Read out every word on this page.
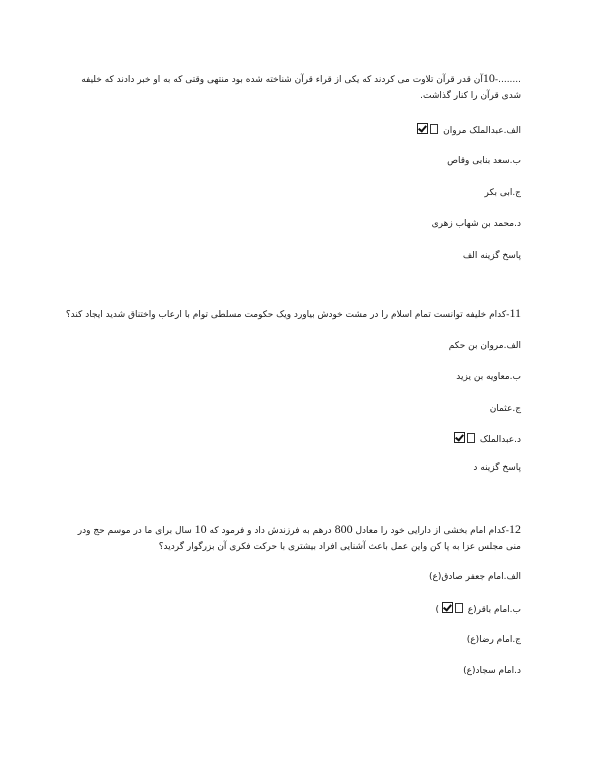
........-10آن قدر قرآن تلاوت می کردند که یکی از قراء قرآن شناخته شده بود منتهی وقتی که به او خبر دادند که خلیفه شدی قرآن را کنار گذاشت.
الف.عبدالملک مروان
ب.سعد بنابی وقاص
ج.ابی بکر
د.محمد بن شهاب زهری
پاسخ گزینه الف
11-کدام خلیفه توانست تمام اسلام را در مشت خودش بیاورد ویک حکومت مسلطی توام با ارعاب واختناق شدید ایجاد کند؟
الف.مروان بن حکم
ب.معاویه بن یزید
ج.عثمان
د.عبدالملک
پاسخ گزینه د
12-کدام امام بخشی از دارایی خود را معادل 800 درهم به فرزندش داد و فرمود که 10 سال برای ما در موسم حج ودر منی مجلس عزا به پا کن واین عمل باعث آشنایی افراد بیشتری با حرکت فکری آن بزرگوار گردید؟
الف.امام جعفر صادق(ع)
ب.امام باقر(ع  )
ج.امام رضا(ع)
د.امام سجاد(ع)
